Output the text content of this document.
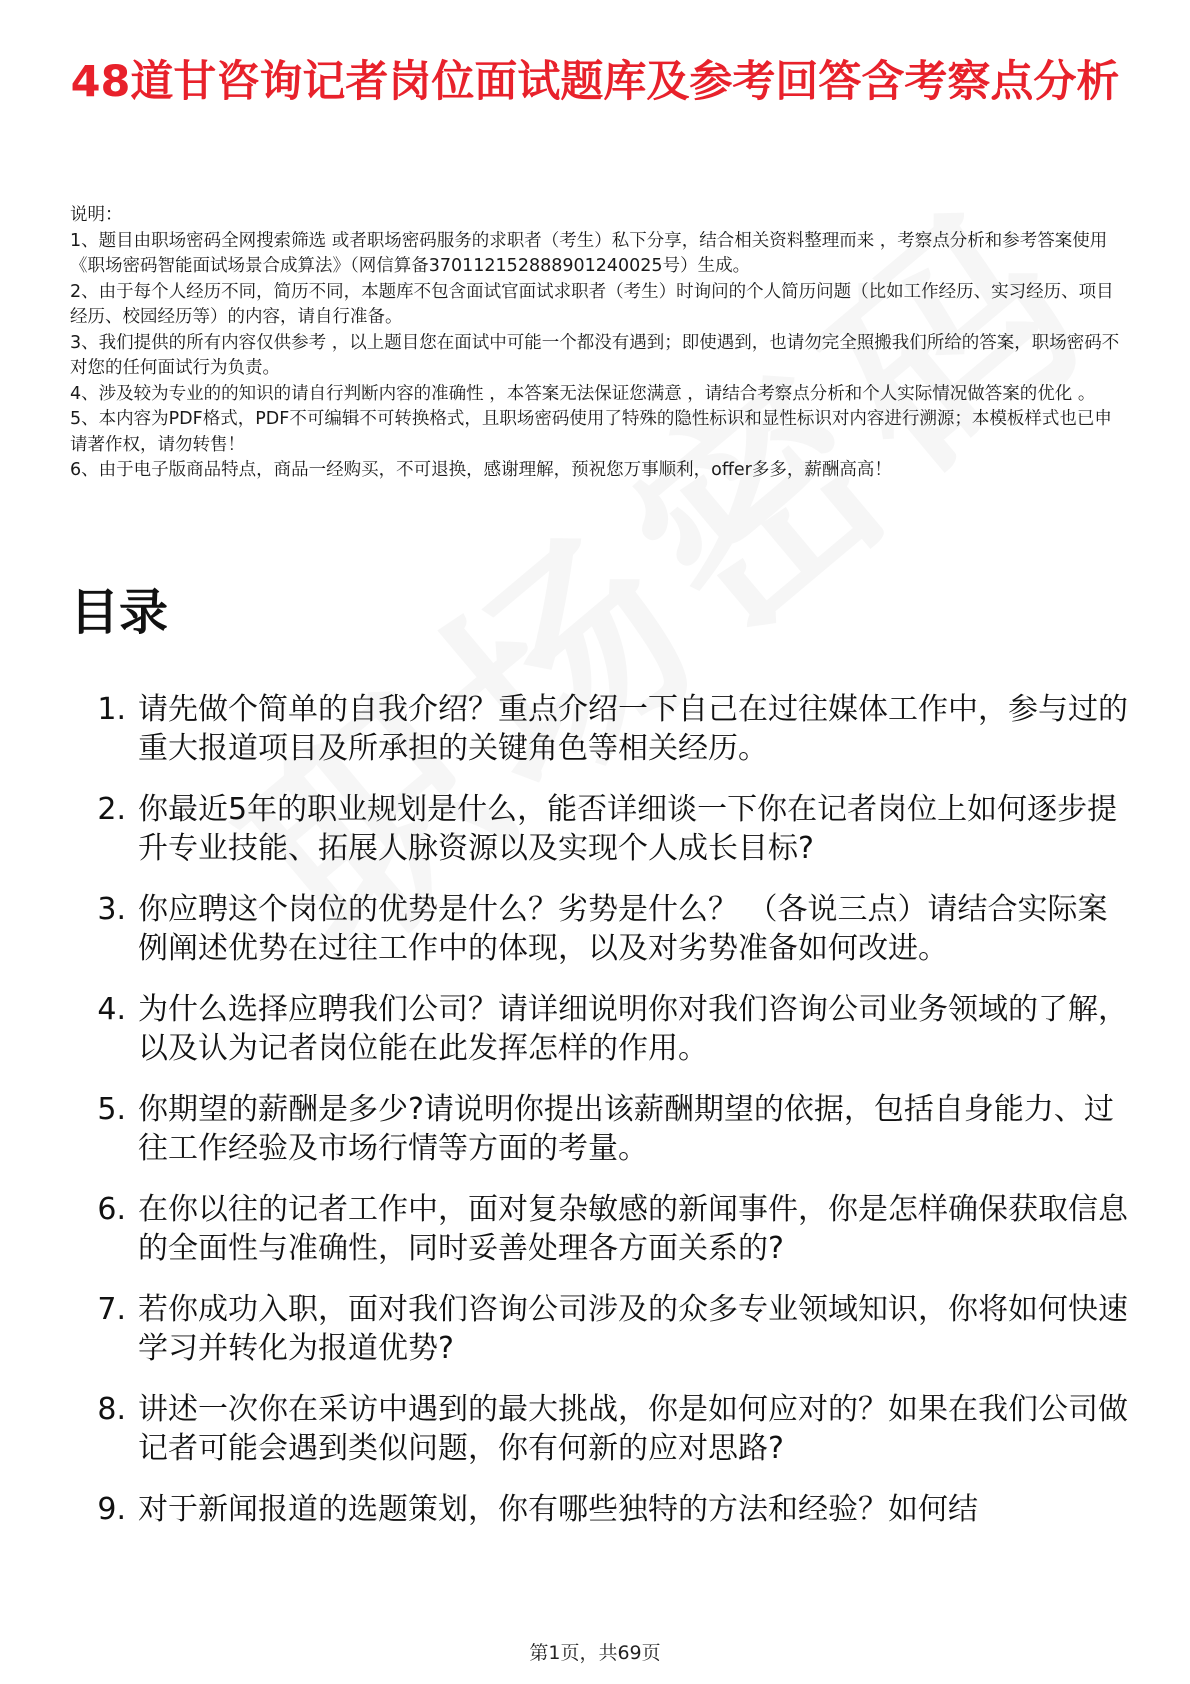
48道甘咨询记者岗位面试题库及参考回答含考察点分析

说明：

1、题目由职场密码全网搜索筛选 或者职场密码服务的求职者（考生）私下分享，结合相关资料整理而来 ，考察点分析和参考答案使用《职场密码智能面试场景合成算法》（网信算备370112152888901240025号）生成。

2、由于每个人经历不同，简历不同，本题库不包含面试官面试求职者（考生）时询问的个人简历问题（比如工作经历、实习经历、项目经历、校园经历等）的内容，请自行准备。

3、我们提供的所有内容仅供参考 ，以上题目您在面试中可能一个都没有遇到；即使遇到，也请勿完全照搬我们所给的答案，职场密码不对您的任何面试行为负责。

4、涉及较为专业的的知识的请自行判断内容的准确性 ，本答案无法保证您满意 ，请结合考察点分析和个人实际情况做答案的优化 。

5、本内容为PDF格式，PDF不可编辑不可转换格式，且职场密码使用了特殊的隐性标识和显性标识对内容进行溯源；本模板样式也已申请著作权，请勿转售！

6、由于电子版商品特点，商品一经购买，不可退换，感谢理解，预祝您万事顺利，offer多多，薪酬高高！

目录
1. 请先做个简单的自我介绍？重点介绍一下自己在过往媒体工作中，参与过的重大报道项目及所承担的关键角色等相关经历。
2. 你最近5年的职业规划是什么，能否详细谈一下你在记者岗位上如何逐步提升专业技能、拓展人脉资源以及实现个人成长目标?
3. 你应聘这个岗位的优势是什么？劣势是什么？ （各说三点）请结合实际案例阐述优势在过往工作中的体现，以及对劣势准备如何改进。
4. 为什么选择应聘我们公司？请详细说明你对我们咨询公司业务领域的了解，以及认为记者岗位能在此发挥怎样的作用。
5. 你期望的薪酬是多少?请说明你提出该薪酬期望的依据，包括自身能力、过往工作经验及市场行情等方面的考量。
6. 在你以往的记者工作中，面对复杂敏感的新闻事件，你是怎样确保获取信息的全面性与准确性，同时妥善处理各方面关系的?
7. 若你成功入职，面对我们咨询公司涉及的众多专业领域知识，你将如何快速学习并转化为报道优势?
8. 讲述一次你在采访中遇到的最大挑战，你是如何应对的？如果在我们公司做记者可能会遇到类似问题，你有何新的应对思路?
9. 对于新闻报道的选题策划，你有哪些独特的方法和经验？如何结
第1页，共69页
